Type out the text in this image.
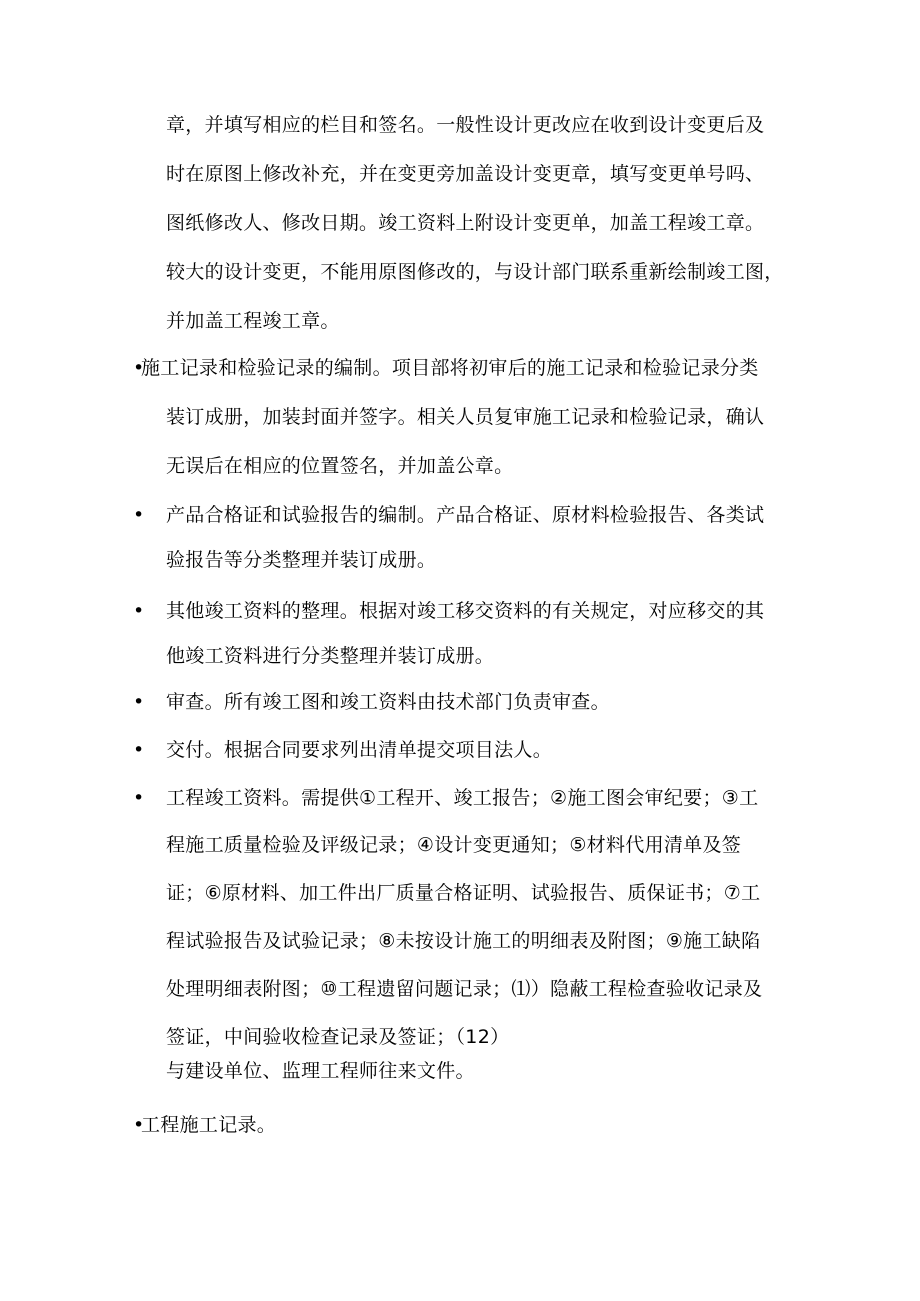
章，并填写相应的栏目和签名。一般性设计更改应在收到设计变更后及
时在原图上修改补充，并在变更旁加盖设计变更章，填写变更单号吗、
图纸修改人、修改日期。竣工资料上附设计变更单，加盖工程竣工章。
较大的设计变更，不能用原图修改的，与设计部门联系重新绘制竣工图，
并加盖工程竣工章。
•
施工记录和检验记录的编制。项目部将初审后的施工记录和检验记录分类
装订成册，加装封面并签字。相关人员复审施工记录和检验记录，确认
无误后在相应的位置签名，并加盖公章。
• 产品合格证和试验报告的编制。产品合格证、原材料检验报告、各类试
验报告等分类整理并装订成册。
• 其他竣工资料的整理。根据对竣工移交资料的有关规定，对应移交的其
他竣工资料进行分类整理并装订成册。
• 审查。所有竣工图和竣工资料由技术部门负责审查。
• 交付。根据合同要求列出清单提交项目法人。
• 工程竣工资料。需提供①工程开、竣工报告；②施工图会审纪要；③工
程施工质量检验及评级记录；④设计变更通知；⑤材料代用清单及签
证；⑥原材料、加工件出厂质量合格证明、试验报告、质保证书；⑦工
程试验报告及试验记录；⑧未按设计施工的明细表及附图；⑨施工缺陷
处理明细表附图；⑩工程遗留问题记录；⑴）隐蔽工程检查验收记录及
签证，中间验收检查记录及签证；（12）
与建设单位、监理工程师往来文件。
•
工程施工记录。
